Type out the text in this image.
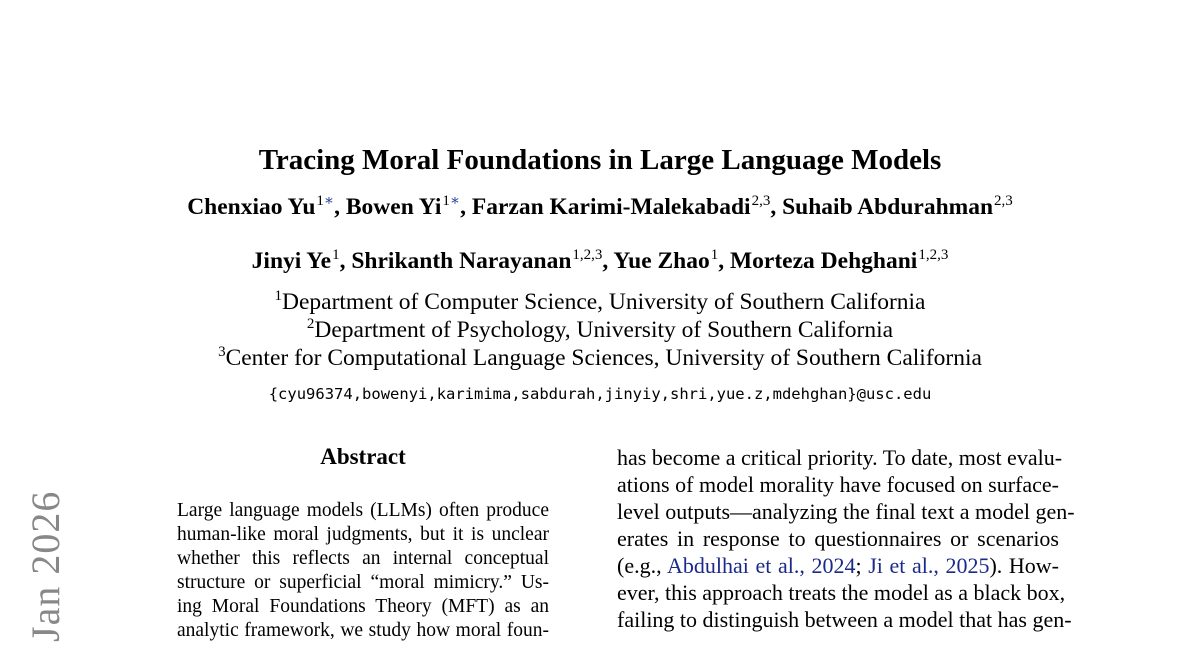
Tracing Moral Foundations in Large Language Models
Chenxiao $Yu^{1∗}$, Bowen $Yi^{1∗}$, Farzan Karimi-Malekabadi$^{2,3}$, Suhaib Abdurahman$^{2,3}$
Jinyi Ye$^1$, Shrikanth Narayanan$^{1,2,3}$, Yue Zhao$^1$, Morteza Dehghani$^{1,2,3}$
$^1$Department of Computer Science, University of Southern California
$^2$Department of Psychology, University of Southern California
$^3$Center for Computational Language Sciences, University of Southern California
{cyu96374,bowenyi,karimima,sabdurah,jinyiy,shri,yue.z,mdehghan}@usc.edu
Abstract
Large language models (LLMs) often produce
human-like moral judgments, but it is unclear
whether this reflects an internal conceptual
structure or superficial “moral mimicry.” Us-
ing Moral Foundations Theory (MFT) as an
analytic framework, we study how moral foun-
has become a critical priority. To date, most evalu-
ations of model morality have focused on surface-
level outputs—analyzing the final text a model gen-
erates in response to questionnaires or scenarios
(e.g., Abdulhai et al., 2024; Ji et al., 2025). How-
ever, this approach treats the model as a black box,
failing to distinguish between a model that has gen-
Jan 2026
